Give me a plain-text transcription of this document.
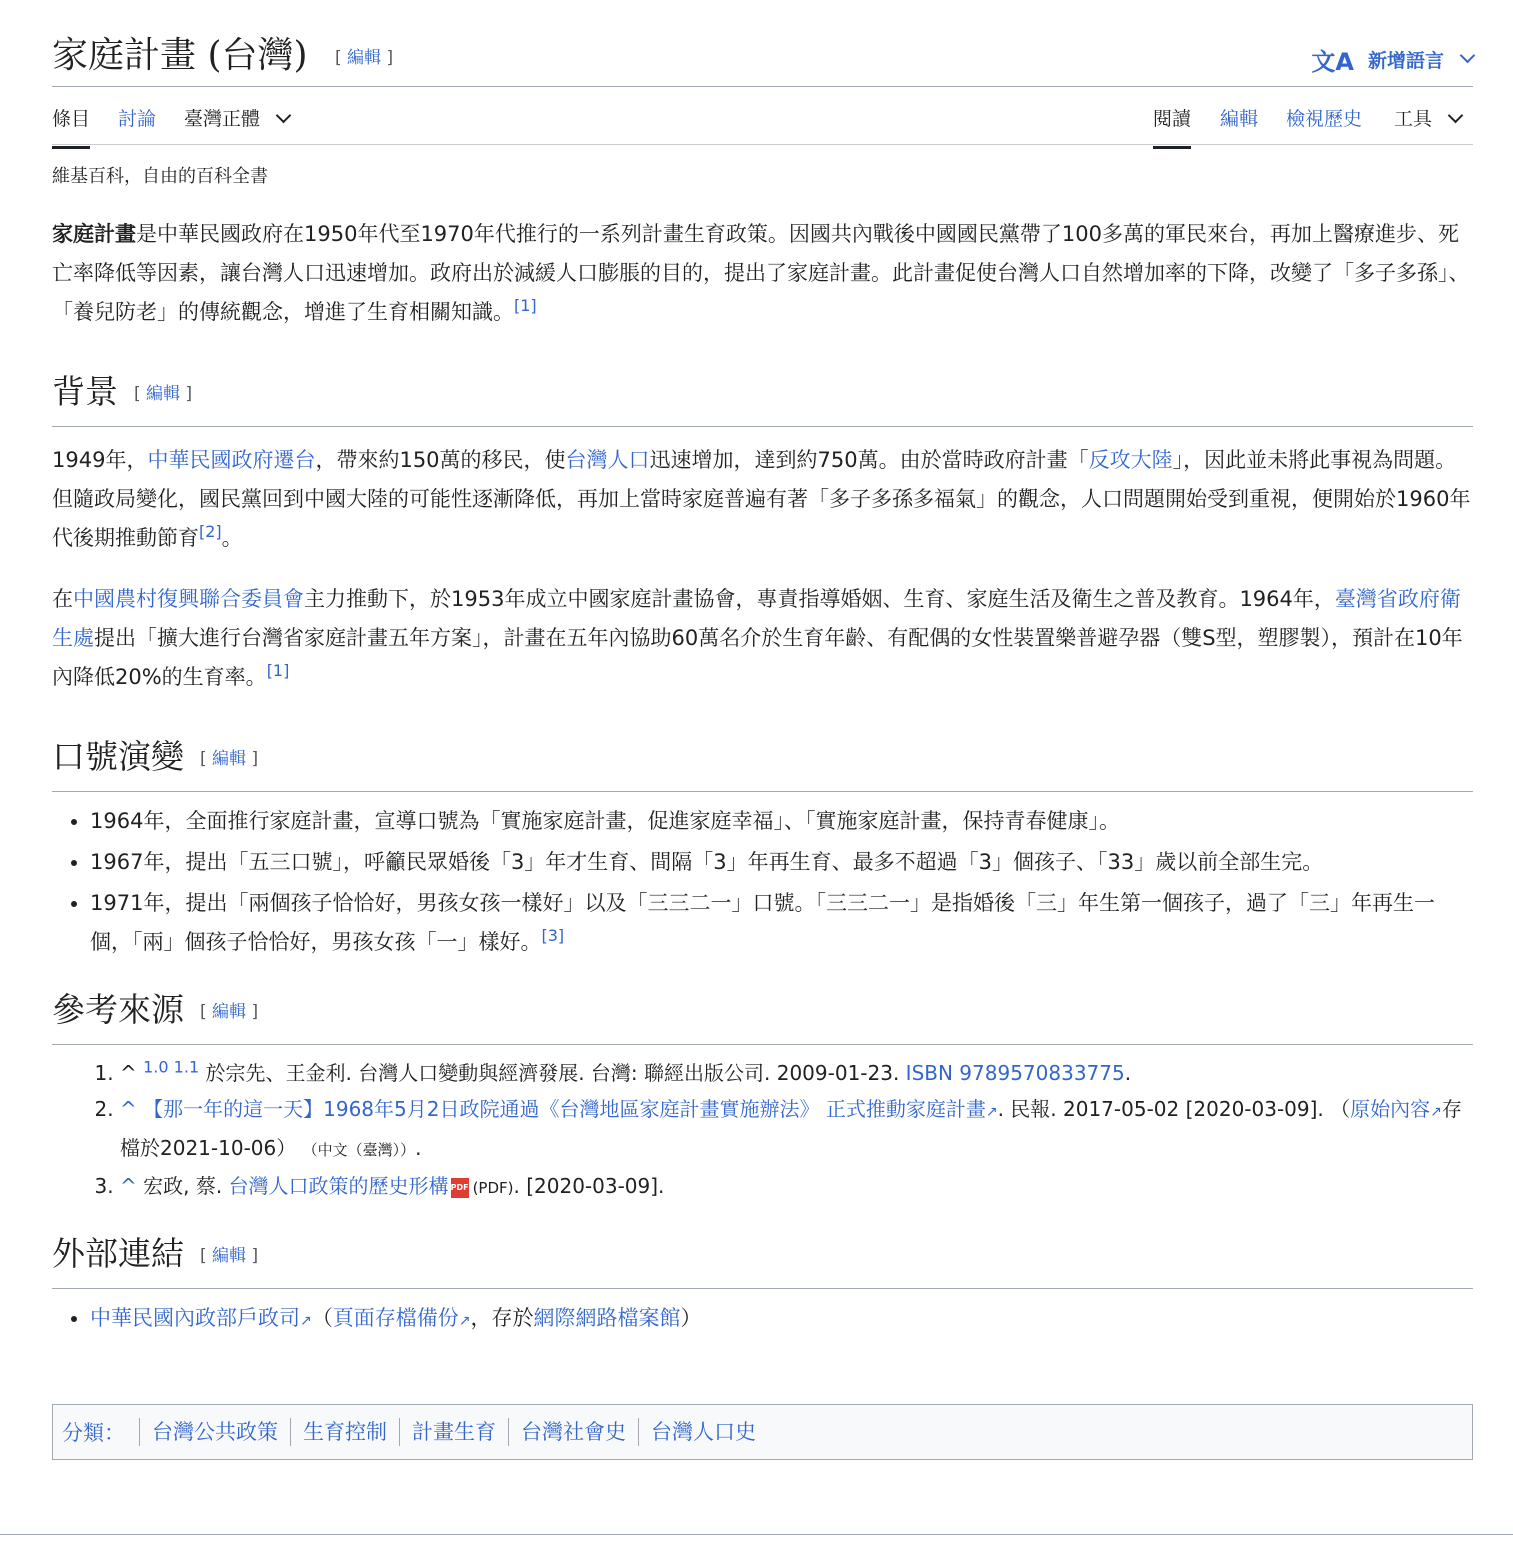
家庭計畫 (台灣) [ 編輯 ]	文A 新增語言
條目 討論 臺灣正體	閱讀 編輯 檢視歷史 工具
維基百科，自由的百科全書

家庭計畫是中華民國政府在1950年代至1970年代推行的一系列計畫生育政策。因國共內戰後中國國民黨帶了100多萬的軍民來台，再加上醫療進步、死亡率降低等因素，讓台灣人口迅速增加。政府出於減緩人口膨脹的目的，提出了家庭計畫。此計畫促使台灣人口自然增加率的下降，改變了「多子多孫」、「養兒防老」的傳統觀念，增進了生育相關知識。[1]

背景 [ 編輯 ]

1949年，中華民國政府遷台，帶來約150萬的移民，使台灣人口迅速增加，達到約750萬。由於當時政府計畫「反攻大陸」，因此並未將此事視為問題。但隨政局變化，國民黨回到中國大陸的可能性逐漸降低，再加上當時家庭普遍有著「多子多孫多福氣」的觀念，人口問題開始受到重視，便開始於1960年代後期推動節育[2]。

在中國農村復興聯合委員會主力推動下，於1953年成立中國家庭計畫協會，專責指導婚姻、生育、家庭生活及衛生之普及教育。1964年，臺灣省政府衛生處提出「擴大進行台灣省家庭計畫五年方案」，計畫在五年內協助60萬名介於生育年齡、有配偶的女性裝置樂普避孕器（雙S型，塑膠製），預計在10年內降低20%的生育率。[1]

口號演變 [ 編輯 ]
• 1964年，全面推行家庭計畫，宣導口號為「實施家庭計畫，促進家庭幸福」、「實施家庭計畫，保持青春健康」。
• 1967年，提出「五三口號」，呼籲民眾婚後「3」年才生育、間隔「3」年再生育、最多不超過「3」個孩子、「33」歲以前全部生完。
• 1971年，提出「兩個孩子恰恰好，男孩女孩一樣好」以及「三三二一」口號。「三三二一」是指婚後「三」年生第一個孩子，過了「三」年再生一個，「兩」個孩子恰恰好，男孩女孩「一」樣好。[3]
參考來源 [ 編輯 ]
1. ^ $^{1.0 1.1}$ 於宗先、王金利. 台灣人口變動與經濟發展. 台灣: 聯經出版公司. 2009-01-23. ISBN 9789570833775.
2. ^ 【那一年的這一天】1968年5月2日政院通過《台灣地區家庭計畫實施辦法》 正式推動家庭計畫↗. 民報. 2017-05-02 [2020-03-09]. （原始內容↗存檔於2021-10-06） （中文（臺灣））.
3. ^ 宏政, 蔡. 台灣人口政策的歷史形構 PDF (PDF). [2020-03-09].
外部連結 [ 編輯 ]
• 中華民國內政部戶政司↗（頁面存檔備份↗，存於網際網路檔案館）
分類：	台灣公共政策	生育控制	計畫生育	台灣社會史	台灣人口史
